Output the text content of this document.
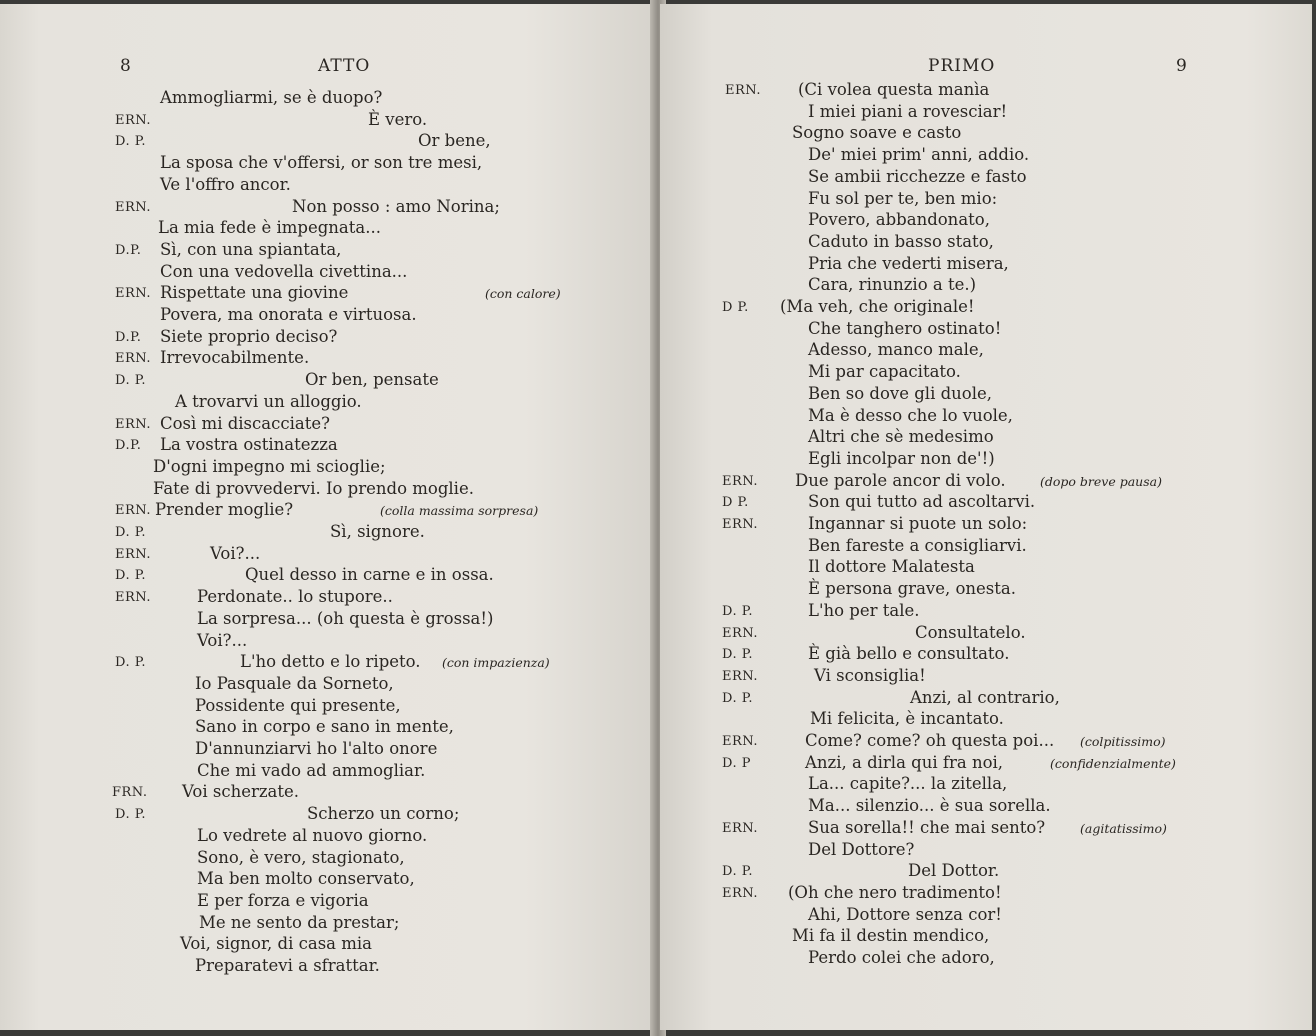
8	ATTO
Ammogliarmi, se è duopo?
ERN.	È vero.
D. P.	Or bene,
La sposa che v'offersi, or son tre mesi,
Ve l'offro ancor.
ERN.	Non posso : amo Norina;
La mia fede è impegnata...
D.P. Sì, con una spiantata,
Con una vedovella civettina...
ERN. Rispettate una giovine	(con calore)
Povera, ma onorata e virtuosa.
D.P. Siete proprio deciso?
ERN. Irrevocabilmente.
D. P.	Or ben, pensate
A trovarvi un alloggio.
ERN. Così mi discacciate?
D.P. La vostra ostinatezza
D'ogni impegno mi scioglie;
Fate di provvedervi. Io prendo moglie.
ERN. Prender moglie?	(colla massima sorpresa)
D. P.	Sì, signore.
ERN.	Voi?...
D. P.	Quel desso in carne e in ossa.
ERN.	Perdonate.. lo stupore..
La sorpresa... (oh questa è grossa!)
Voi?...
D. P.	L'ho detto e lo ripeto. (con impazienza)
Io Pasquale da Sorneto,
Possidente qui presente,
Sano in corpo e sano in mente,
D'annunziarvi ho l'alto onore
Che mi vado ad ammogliar.
FRN. Voi scherzate.
D. P.	Scherzo un corno;
Lo vedrete al nuovo giorno.
Sono, è vero, stagionato,
Ma ben molto conservato,
E per forza e vigoria
Me ne sento da prestar;
Voi, signor, di casa mia
Preparatevi a sfrattar.
PRIMO	9
ERN. (Ci volea questa manìa
I miei piani a rovesciar!
Sogno soave e casto
De' miei prim' anni, addio.
Se ambii ricchezze e fasto
Fu sol per te, ben mio:
Povero, abbandonato,
Caduto in basso stato,
Pria che vederti misera,
Cara, rinunzio a te.)
D P. (Ma veh, che originale!
Che tanghero ostinato!
Adesso, manco male,
Mi par capacitato.
Ben so dove gli duole,
Ma è desso che lo vuole,
Altri che sè medesimo
Egli incolpar non de'!)
ERN. Due parole ancor di volo.	(dopo breve pausa)
D P.	Son qui tutto ad ascoltarvi.
ERN.	Ingannar si puote un solo:
Ben fareste a consigliarvi.
Il dottore Malatesta
È persona grave, onesta.
D. P.	L'ho per tale.
ERN.	Consultatelo.
D. P.	È già bello e consultato.
ERN.	Vi sconsiglia!
D. P.	Anzi, al contrario,
Mi felicita, è incantato.
ERN.	Come? come? oh questa poi... (colpitissimo)
D. P	Anzi, a dirla qui fra noi,	(confidenzialmente)
La... capite?... la zitella,
Ma... silenzio... è sua sorella.
ERN.	Sua sorella!! che mai sento?	(agitatissimo)
Del Dottore?
D. P.	Del Dottor.
ERN. (Oh che nero tradimento!
Ahi, Dottore senza cor!
Mi fa il destin mendico,
Perdo colei che adoro,
